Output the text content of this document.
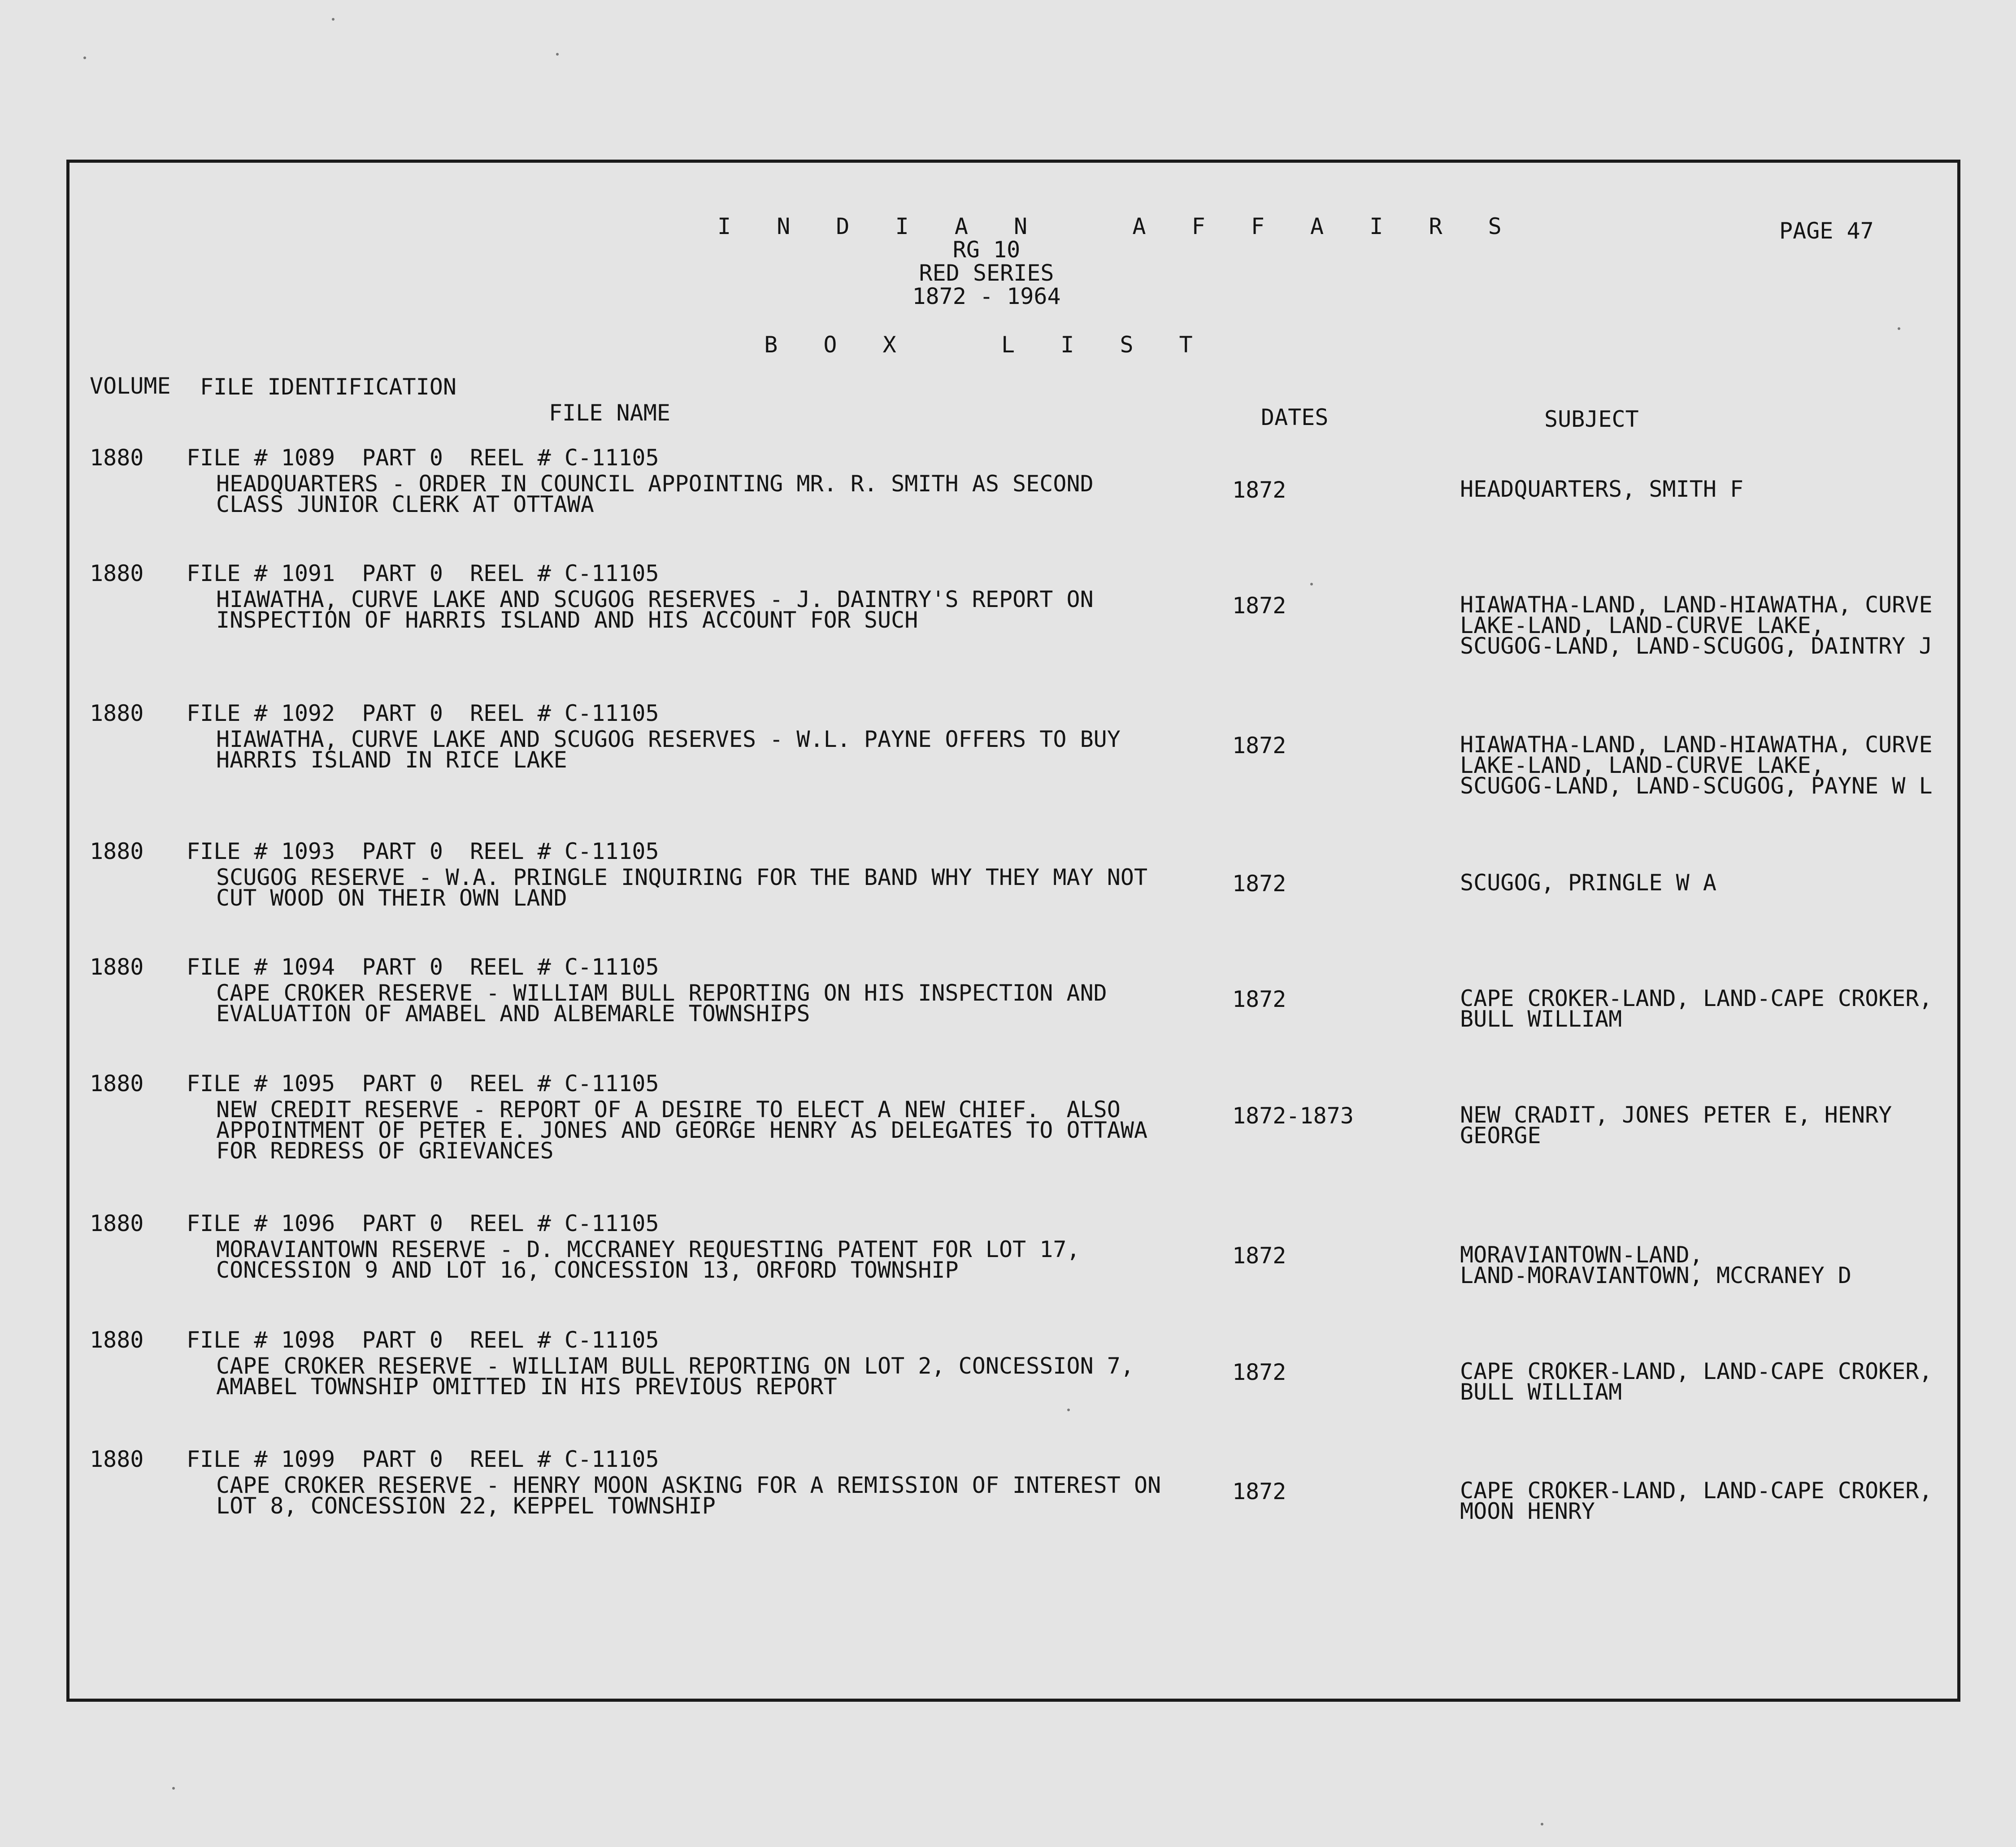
I N D I A N   A F F A I R S
RG 10
RED SERIES
1872 - 1964
B O X   L I S T
PAGE 47
VOLUME FILE IDENTIFICATION
FILE NAME	DATES	SUBJECT
1880 FILE # 1089  PART 0  REEL # C-11105
HEADQUARTERS - ORDER IN COUNCIL APPOINTING MR. R. SMITH AS SECOND
CLASS JUNIOR CLERK AT OTTAWA
1872	HEADQUARTERS, SMITH F
1880 FILE # 1091  PART 0  REEL # C-11105
HIAWATHA, CURVE LAKE AND SCUGOG RESERVES - J. DAINTRY'S REPORT ON
INSPECTION OF HARRIS ISLAND AND HIS ACCOUNT FOR SUCH
1872	HIAWATHA-LAND, LAND-HIAWATHA, CURVE
LAKE-LAND, LAND-CURVE LAKE,
SCUGOG-LAND, LAND-SCUGOG, DAINTRY J
1880 FILE # 1092  PART 0  REEL # C-11105
HIAWATHA, CURVE LAKE AND SCUGOG RESERVES - W.L. PAYNE OFFERS TO BUY
HARRIS ISLAND IN RICE LAKE
1872	HIAWATHA-LAND, LAND-HIAWATHA, CURVE
LAKE-LAND, LAND-CURVE LAKE,
SCUGOG-LAND, LAND-SCUGOG, PAYNE W L
1880 FILE # 1093  PART 0  REEL # C-11105
SCUGOG RESERVE - W.A. PRINGLE INQUIRING FOR THE BAND WHY THEY MAY NOT
CUT WOOD ON THEIR OWN LAND
1872	SCUGOG, PRINGLE W A
1880 FILE # 1094  PART 0  REEL # C-11105
CAPE CROKER RESERVE - WILLIAM BULL REPORTING ON HIS INSPECTION AND
EVALUATION OF AMABEL AND ALBEMARLE TOWNSHIPS
1872	CAPE CROKER-LAND, LAND-CAPE CROKER,
BULL WILLIAM
1880 FILE # 1095  PART 0  REEL # C-11105
NEW CREDIT RESERVE - REPORT OF A DESIRE TO ELECT A NEW CHIEF.  ALSO
APPOINTMENT OF PETER E. JONES AND GEORGE HENRY AS DELEGATES TO OTTAWA
FOR REDRESS OF GRIEVANCES
1872-1873	NEW CRADIT, JONES PETER E, HENRY
GEORGE
1880 FILE # 1096  PART 0  REEL # C-11105
MORAVIANTOWN RESERVE - D. MCCRANEY REQUESTING PATENT FOR LOT 17,
CONCESSION 9 AND LOT 16, CONCESSION 13, ORFORD TOWNSHIP
1872	MORAVIANTOWN-LAND,
LAND-MORAVIANTOWN, MCCRANEY D
1880 FILE # 1098  PART 0  REEL # C-11105
CAPE CROKER RESERVE - WILLIAM BULL REPORTING ON LOT 2, CONCESSION 7,
AMABEL TOWNSHIP OMITTED IN HIS PREVIOUS REPORT
1872	CAPE CROKER-LAND, LAND-CAPE CROKER,
BULL WILLIAM
1880 FILE # 1099  PART 0  REEL # C-11105
CAPE CROKER RESERVE - HENRY MOON ASKING FOR A REMISSION OF INTEREST ON
LOT 8, CONCESSION 22, KEPPEL TOWNSHIP
1872	CAPE CROKER-LAND, LAND-CAPE CROKER,
MOON HENRY
